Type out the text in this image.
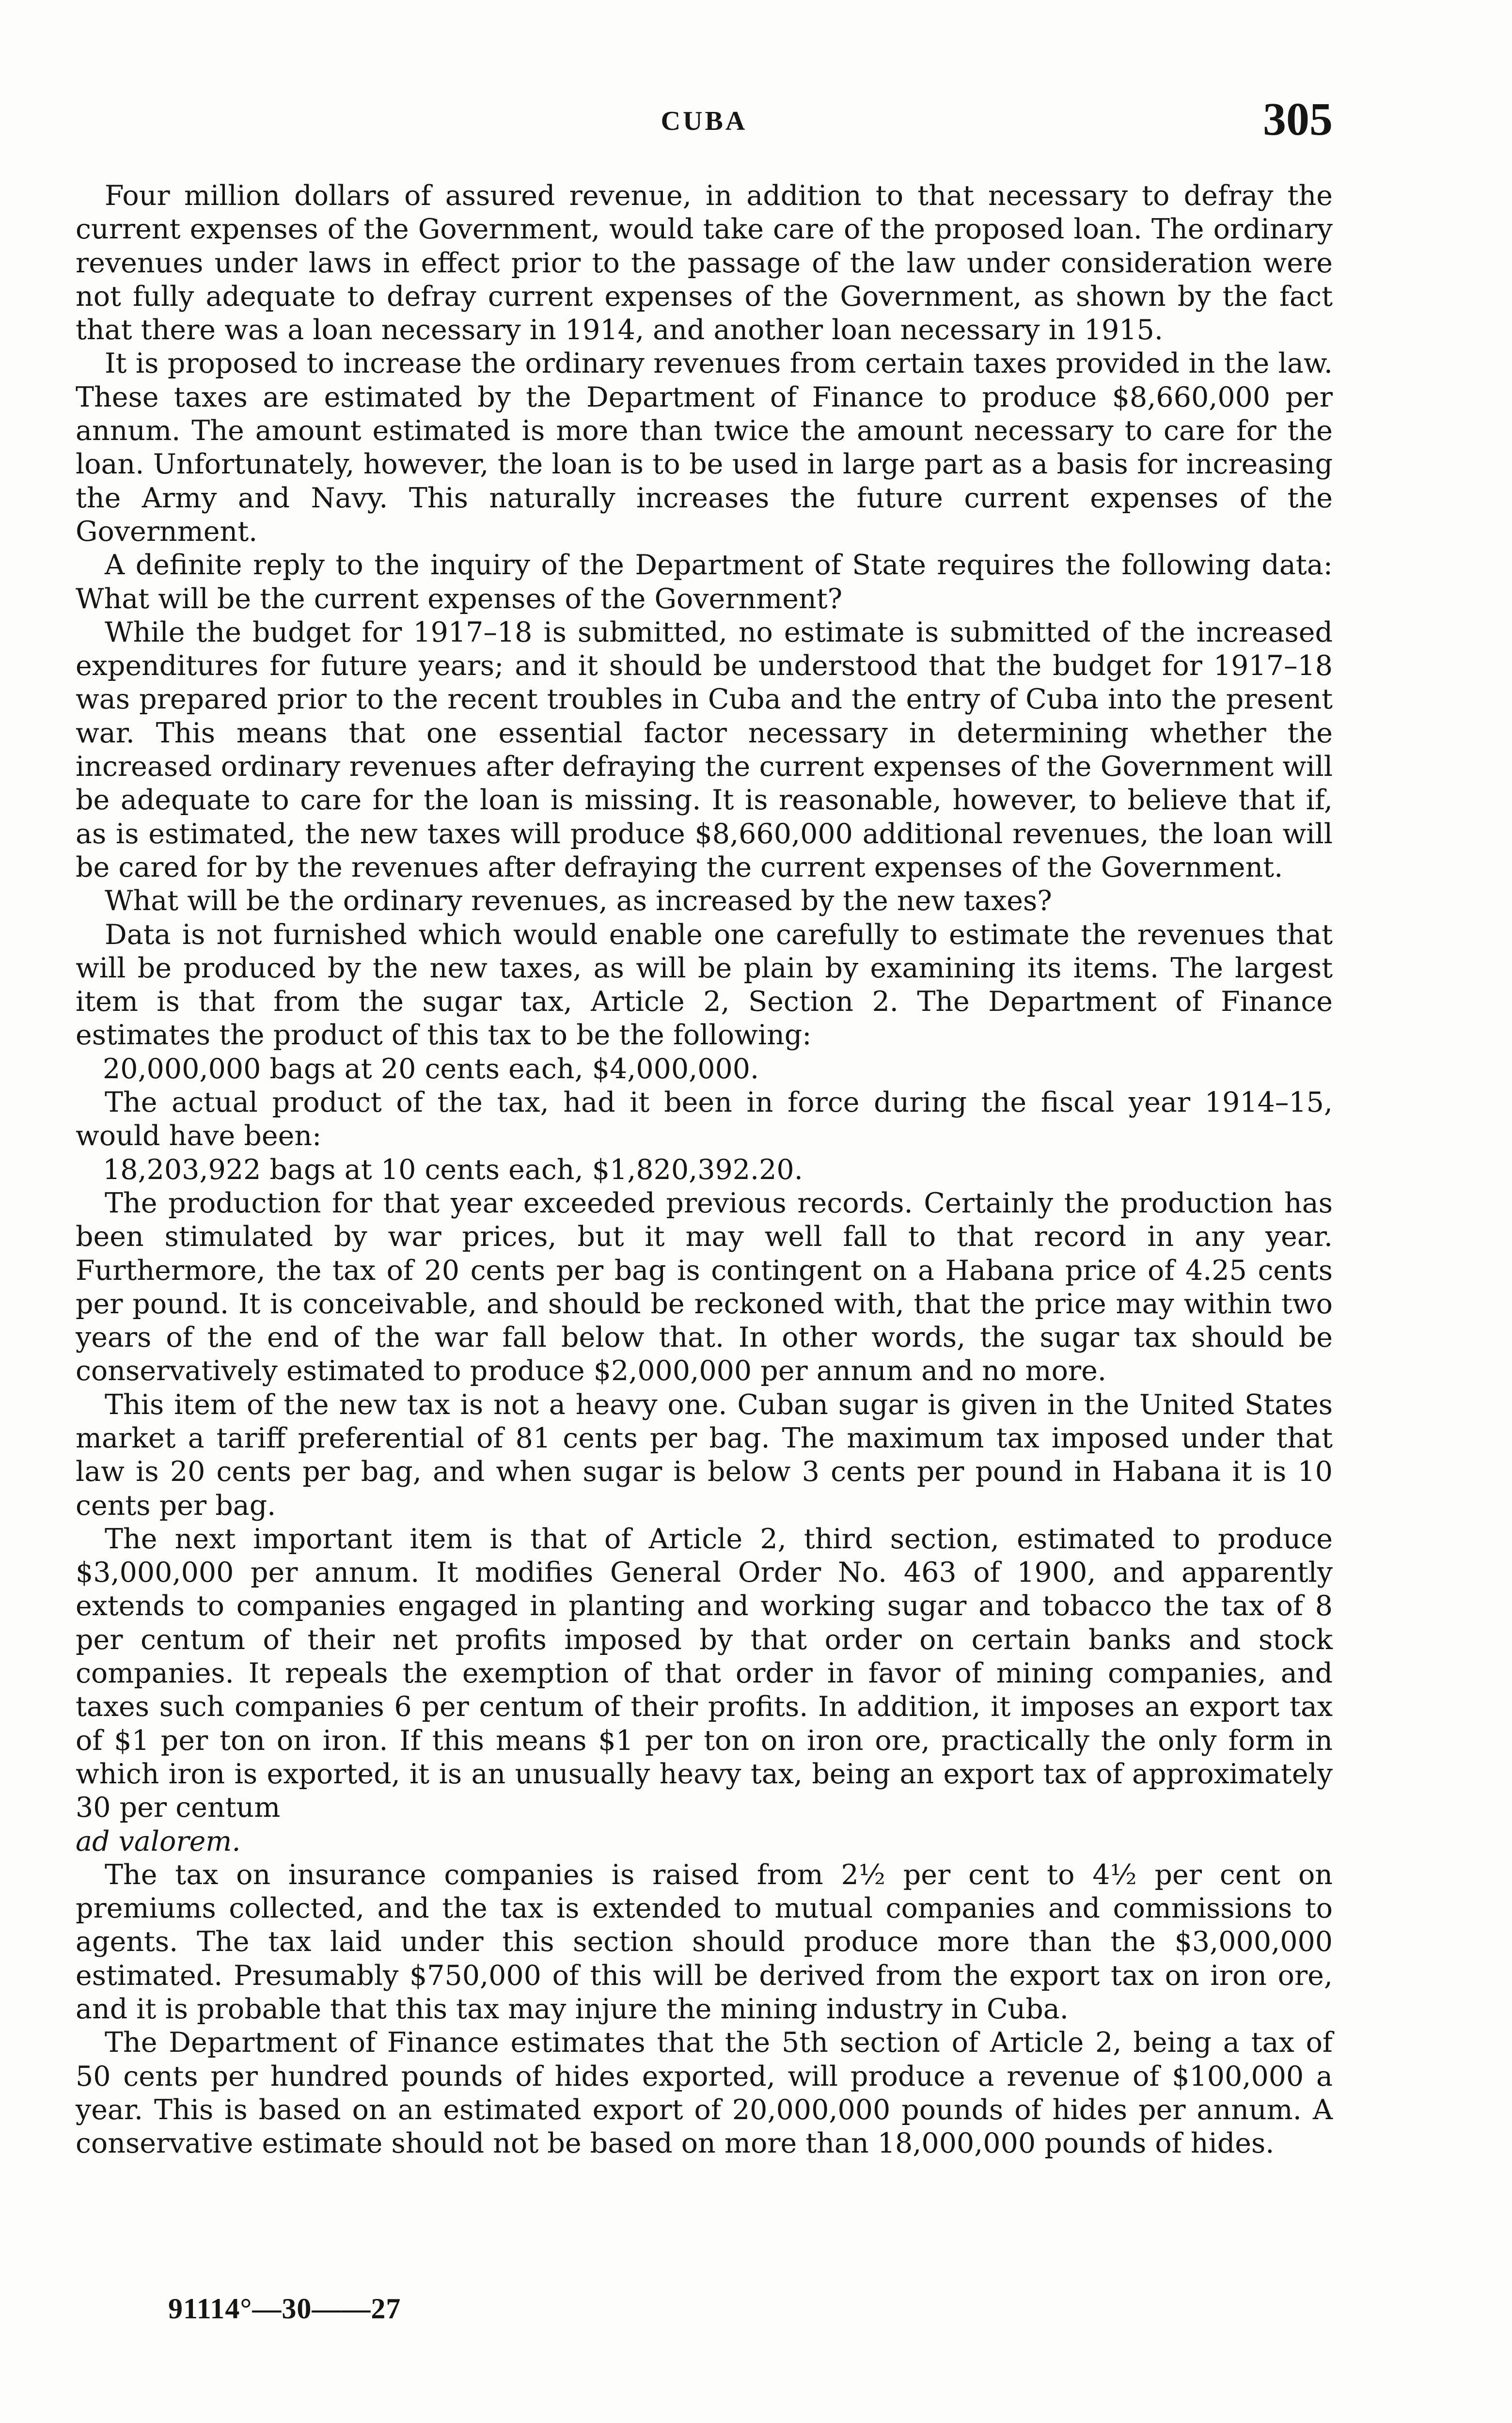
CUBA	305

Four million dollars of assured revenue, in addition to that necessary to defray the current expenses of the Government, would take care of the proposed loan. The ordinary revenues under laws in effect prior to the passage of the law under consideration were not fully adequate to defray current expenses of the Government, as shown by the fact that there was a loan necessary in 1914, and another loan necessary in 1915.

It is proposed to increase the ordinary revenues from certain taxes provided in the law. These taxes are estimated by the Department of Finance to produce $8,660,000 per annum. The amount estimated is more than twice the amount necessary to care for the loan. Unfortunately, however, the loan is to be used in large part as a basis for increasing the Army and Navy. This naturally increases the future current expenses of the Government.

A definite reply to the inquiry of the Department of State requires the following data: What will be the current expenses of the Government?

While the budget for 1917–18 is submitted, no estimate is submitted of the increased expenditures for future years; and it should be understood that the budget for 1917–18 was prepared prior to the recent troubles in Cuba and the entry of Cuba into the present war. This means that one essential factor necessary in determining whether the increased ordinary revenues after defraying the current expenses of the Government will be adequate to care for the loan is missing. It is reasonable, however, to believe that if, as is estimated, the new taxes will produce $8,660,000 additional revenues, the loan will be cared for by the revenues after defraying the current expenses of the Government.

What will be the ordinary revenues, as increased by the new taxes?

Data is not furnished which would enable one carefully to estimate the revenues that will be produced by the new taxes, as will be plain by examining its items. The largest item is that from the sugar tax, Article 2, Section 2. The Department of Finance estimates the product of this tax to be the following:

20,000,000 bags at 20 cents each, $4,000,000.

The actual product of the tax, had it been in force during the fiscal year 1914–15, would have been:

18,203,922 bags at 10 cents each, $1,820,392.20.

The production for that year exceeded previous records. Certainly the production has been stimulated by war prices, but it may well fall to that record in any year. Furthermore, the tax of 20 cents per bag is contingent on a Habana price of 4.25 cents per pound. It is conceivable, and should be reckoned with, that the price may within two years of the end of the war fall below that. In other words, the sugar tax should be conservatively estimated to produce $2,000,000 per annum and no more.

This item of the new tax is not a heavy one. Cuban sugar is given in the United States market a tariff preferential of 81 cents per bag. The maximum tax imposed under that law is 20 cents per bag, and when sugar is below 3 cents per pound in Habana it is 10 cents per bag.

The next important item is that of Article 2, third section, estimated to produce $3,000,000 per annum. It modifies General Order No. 463 of 1900, and apparently extends to companies engaged in planting and working sugar and tobacco the tax of 8 per centum of their net profits imposed by that order on certain banks and stock companies. It repeals the exemption of that order in favor of mining companies, and taxes such companies 6 per centum of their profits. In addition, it imposes an export tax of $1 per ton on iron. If this means $1 per ton on iron ore, practically the only form in which iron is exported, it is an unusually heavy tax, being an export tax of approximately 30 per centum

ad valorem.

The tax on insurance companies is raised from 2½ per cent to 4½ per cent on premiums collected, and the tax is extended to mutual companies and commissions to agents. The tax laid under this section should produce more than the $3,000,000 estimated. Presumably $750,000 of this will be derived from the export tax on iron ore, and it is probable that this tax may injure the mining industry in Cuba.

The Department of Finance estimates that the 5th section of Article 2, being a tax of 50 cents per hundred pounds of hides exported, will produce a revenue of $100,000 a year. This is based on an estimated export of 20,000,000 pounds of hides per annum. A conservative estimate should not be based on more than 18,000,000 pounds of hides.

91114°—30——27
